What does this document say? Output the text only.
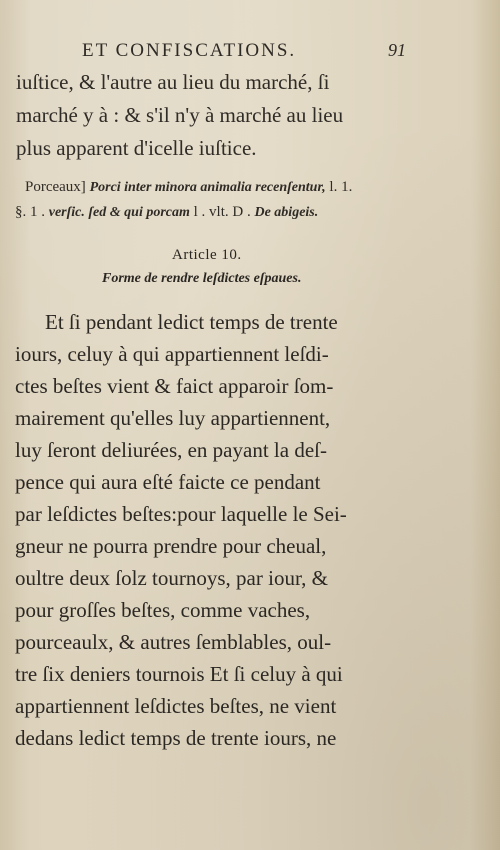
ET CONFISCATIONS.	91
iuſtice, & l'autre au lieu du marché, ſi
marché y à : & s'il n'y à marché au lieu
plus apparent d'icelle iuſtice.
Porceaux] Porci inter minora animalia recenſentur, l. 1.
§. 1 . verſic. ſed & qui porcam l . vlt. D . De abigeis.
Article 10.
Forme de rendre leſdictes eſpaues.
Et ſi pendant ledict temps de trente
iours, celuy à qui appartiennent leſdi-
ctes beſtes vient & faict apparoir ſom-
mairement qu'elles luy appartiennent,
luy ſeront deliurées, en payant la deſ-
pence qui aura eſté faicte ce pendant
par leſdictes beſtes:pour laquelle le Sei-
gneur ne pourra prendre pour cheual,
oultre deux ſolz tournoys, par iour, &
pour groſſes beſtes, comme vaches,
pourceaulx, & autres ſemblables, oul-
tre ſix deniers tournois Et ſi celuy à qui
appartiennent leſdictes beſtes, ne vient
dedans ledict temps de trente iours, ne
